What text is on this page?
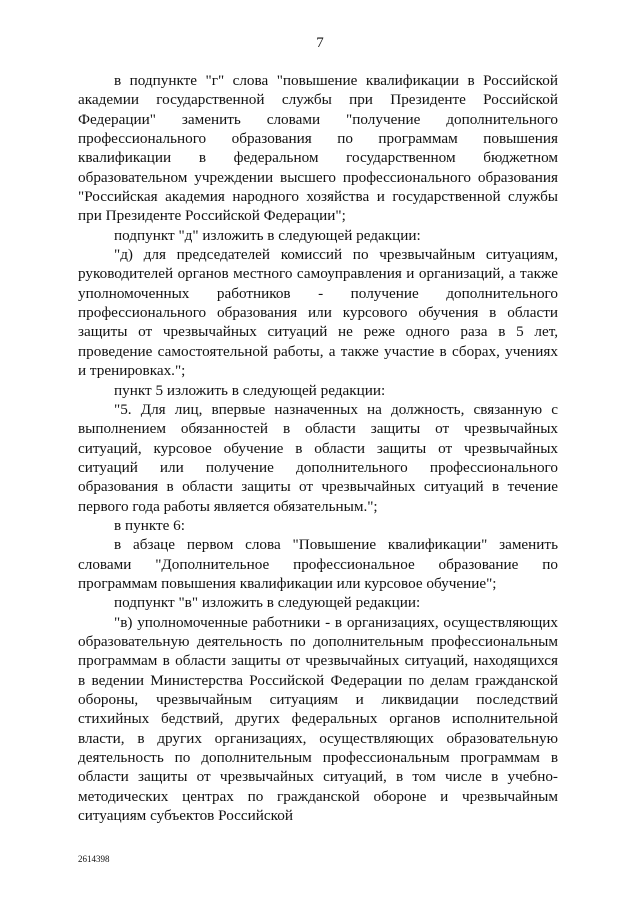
7

в подпункте "г" слова "повышение квалификации в Российской академии государственной службы при Президенте Российской Федерации" заменить словами "получение дополнительного профессионального образования по программам повышения квалификации в федеральном государственном бюджетном образовательном учреждении высшего профессионального образования "Российская академия народного хозяйства и государственной службы при Президенте Российской Федерации";

подпункт "д" изложить в следующей редакции:

"д) для председателей комиссий по чрезвычайным ситуациям, руководителей органов местного самоуправления и организаций, а также уполномоченных работников - получение дополнительного профессионального образования или курсового обучения в области защиты от чрезвычайных ситуаций не реже одного раза в 5 лет, проведение самостоятельной работы, а также участие в сборах, учениях и тренировках.";

пункт 5 изложить в следующей редакции:

"5. Для лиц, впервые назначенных на должность, связанную с выполнением обязанностей в области защиты от чрезвычайных ситуаций, курсовое обучение в области защиты от чрезвычайных ситуаций или получение дополнительного профессионального образования в области защиты от чрезвычайных ситуаций в течение первого года работы является обязательным.";

в пункте 6:

в абзаце первом слова "Повышение квалификации" заменить словами "Дополнительное профессиональное образование по программам повышения квалификации или курсовое обучение";

подпункт "в" изложить в следующей редакции:

"в) уполномоченные работники - в организациях, осуществляющих образовательную деятельность по дополнительным профессиональным программам в области защиты от чрезвычайных ситуаций, находящихся в ведении Министерства Российской Федерации по делам гражданской обороны, чрезвычайным ситуациям и ликвидации последствий стихийных бедствий, других федеральных органов исполнительной власти, в других организациях, осуществляющих образовательную деятельность по дополнительным профессиональным программам в области защиты от чрезвычайных ситуаций, в том числе в учебно-методических центрах по гражданской обороне и чрезвычайным ситуациям субъектов Российской

2614398
